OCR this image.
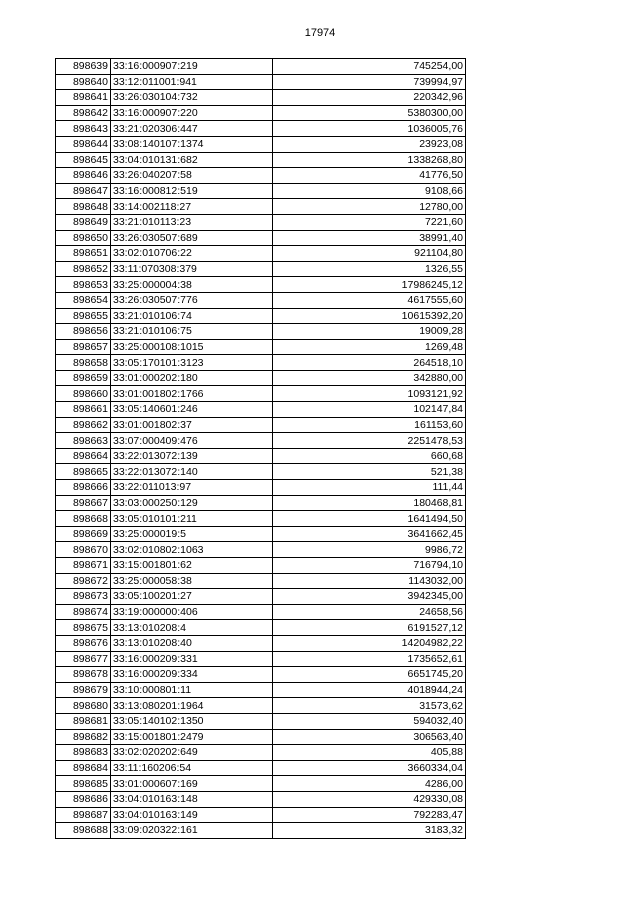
17974
898639	33:16:000907:219	745254,00
898640	33:12:011001:941	739994,97
898641	33:26:030104:732	220342,96
898642	33:16:000907:220	5380300,00
898643	33:21:020306:447	1036005,76
898644	33:08:140107:1374	23923,08
898645	33:04:010131:682	1338268,80
898646	33:26:040207:58	41776,50
898647	33:16:000812:519	9108,66
898648	33:14:002118:27	12780,00
898649	33:21:010113:23	7221,60
898650	33:26:030507:689	38991,40
898651	33:02:010706:22	921104,80
898652	33:11:070308:379	1326,55
898653	33:25:000004:38	17986245,12
898654	33:26:030507:776	4617555,60
898655	33:21:010106:74	10615392,20
898656	33:21:010106:75	19009,28
898657	33:25:000108:1015	1269,48
898658	33:05:170101:3123	264518,10
898659	33:01:000202:180	342880,00
898660	33:01:001802:1766	1093121,92
898661	33:05:140601:246	102147,84
898662	33:01:001802:37	161153,60
898663	33:07:000409:476	2251478,53
898664	33:22:013072:139	660,68
898665	33:22:013072:140	521,38
898666	33:22:011013:97	111,44
898667	33:03:000250:129	180468,81
898668	33:05:010101:211	1641494,50
898669	33:25:000019:5	3641662,45
898670	33:02:010802:1063	9986,72
898671	33:15:001801:62	716794,10
898672	33:25:000058:38	1143032,00
898673	33:05:100201:27	3942345,00
898674	33:19:000000:406	24658,56
898675	33:13:010208:4	6191527,12
898676	33:13:010208:40	14204982,22
898677	33:16:000209:331	1735652,61
898678	33:16:000209:334	6651745,20
898679	33:10:000801:11	4018944,24
898680	33:13:080201:1964	31573,62
898681	33:05:140102:1350	594032,40
898682	33:15:001801:2479	306563,40
898683	33:02:020202:649	405,88
898684	33:11:160206:54	3660334,04
898685	33:01:000607:169	4286,00
898686	33:04:010163:148	429330,08
898687	33:04:010163:149	792283,47
898688	33:09:020322:161	3183,32
